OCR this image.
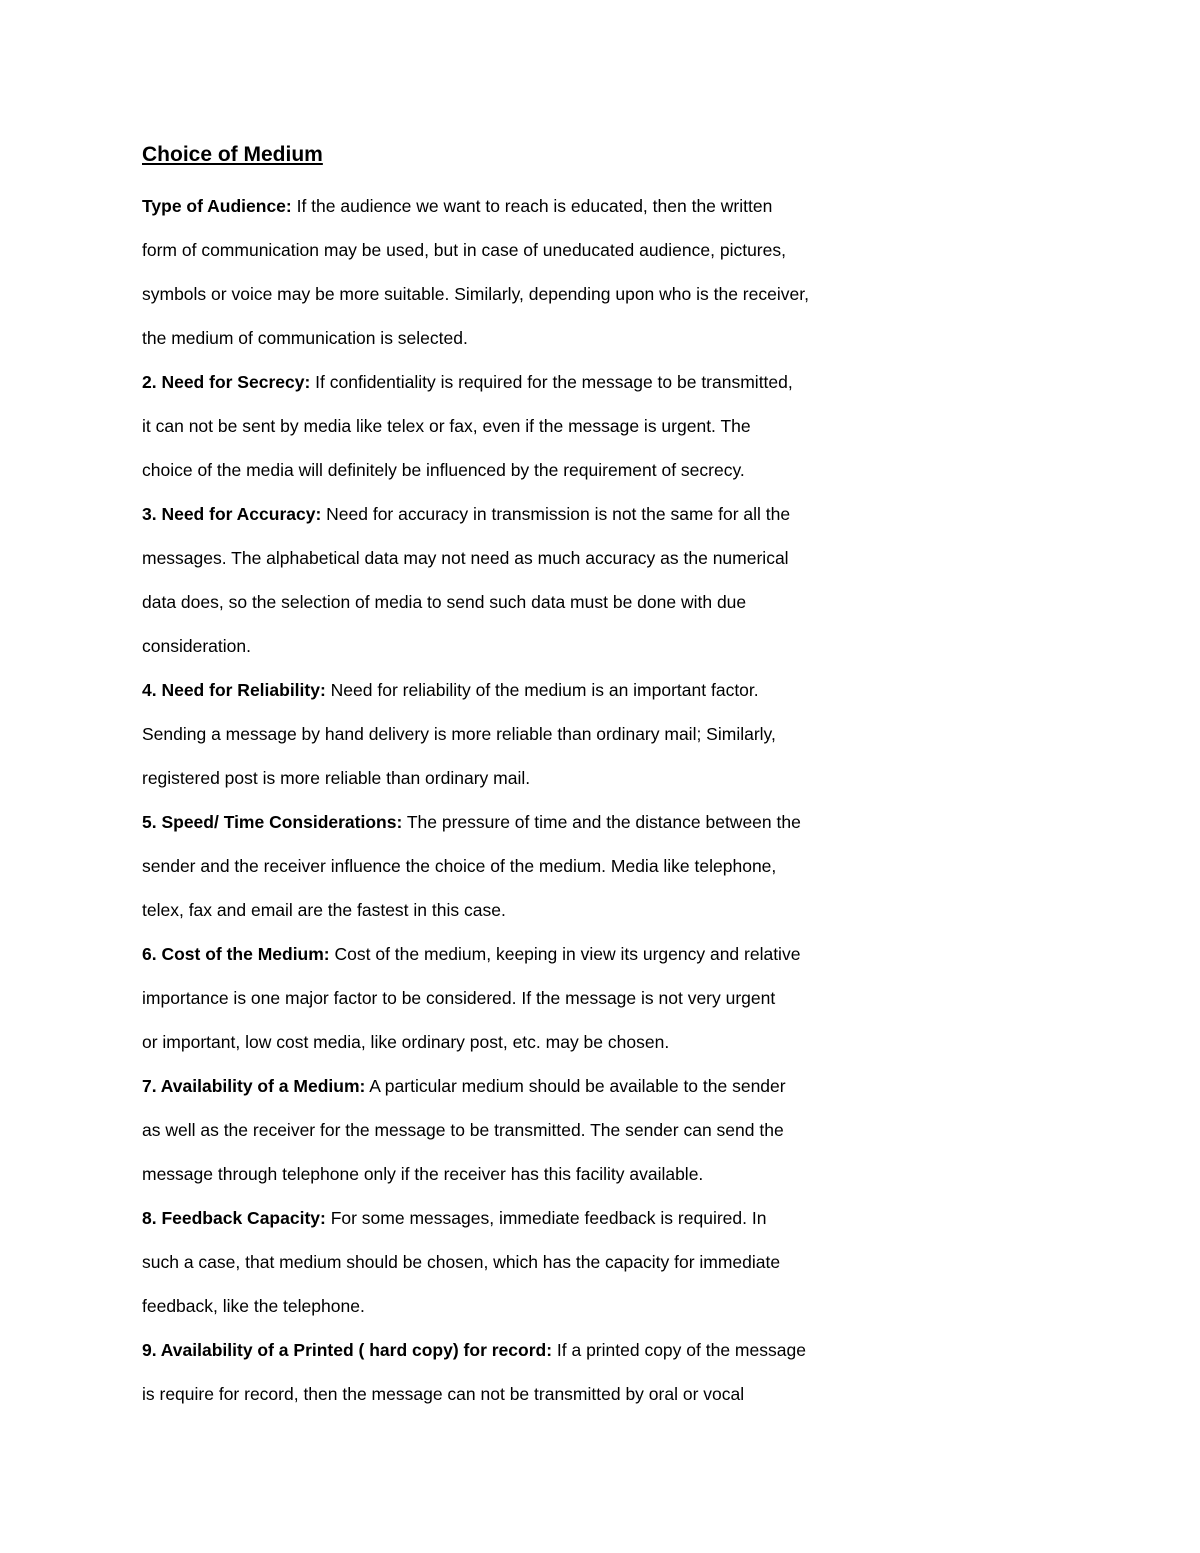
Choice of Medium
Type of Audience: If the audience we want to reach is educated, then the written
form of communication may be used, but in case of uneducated audience, pictures,
symbols or voice may be more suitable. Similarly, depending upon who is the receiver,
the medium of communication is selected.
2. Need for Secrecy: If confidentiality is required for the message to be transmitted,
it can not be sent by media like telex or fax, even if the message is urgent. The
choice of the media will definitely be influenced by the requirement of secrecy.
3. Need for Accuracy: Need for accuracy in transmission is not the same for all the
messages. The alphabetical data may not need as much accuracy as the numerical
data does, so the selection of media to send such data must be done with due
consideration.
4. Need for Reliability: Need for reliability of the medium is an important factor.
Sending a message by hand delivery is more reliable than ordinary mail; Similarly,
registered post is more reliable than ordinary mail.
5. Speed/ Time Considerations: The pressure of time and the distance between the
sender and the receiver influence the choice of the medium. Media like telephone,
telex, fax and email are the fastest in this case.
6. Cost of the Medium: Cost of the medium, keeping in view its urgency and relative
importance is one major factor to be considered. If the message is not very urgent
or important, low cost media, like ordinary post, etc. may be chosen.
7. Availability of a Medium: A particular medium should be available to the sender
as well as the receiver for the message to be transmitted. The sender can send the
message through telephone only if the receiver has this facility available.
8. Feedback Capacity: For some messages, immediate feedback is required. In
such a case, that medium should be chosen, which has the capacity for immediate
feedback, like the telephone.
9. Availability of a Printed ( hard copy) for record: If a printed copy of the message
is require for record, then the message can not be transmitted by oral or vocal
